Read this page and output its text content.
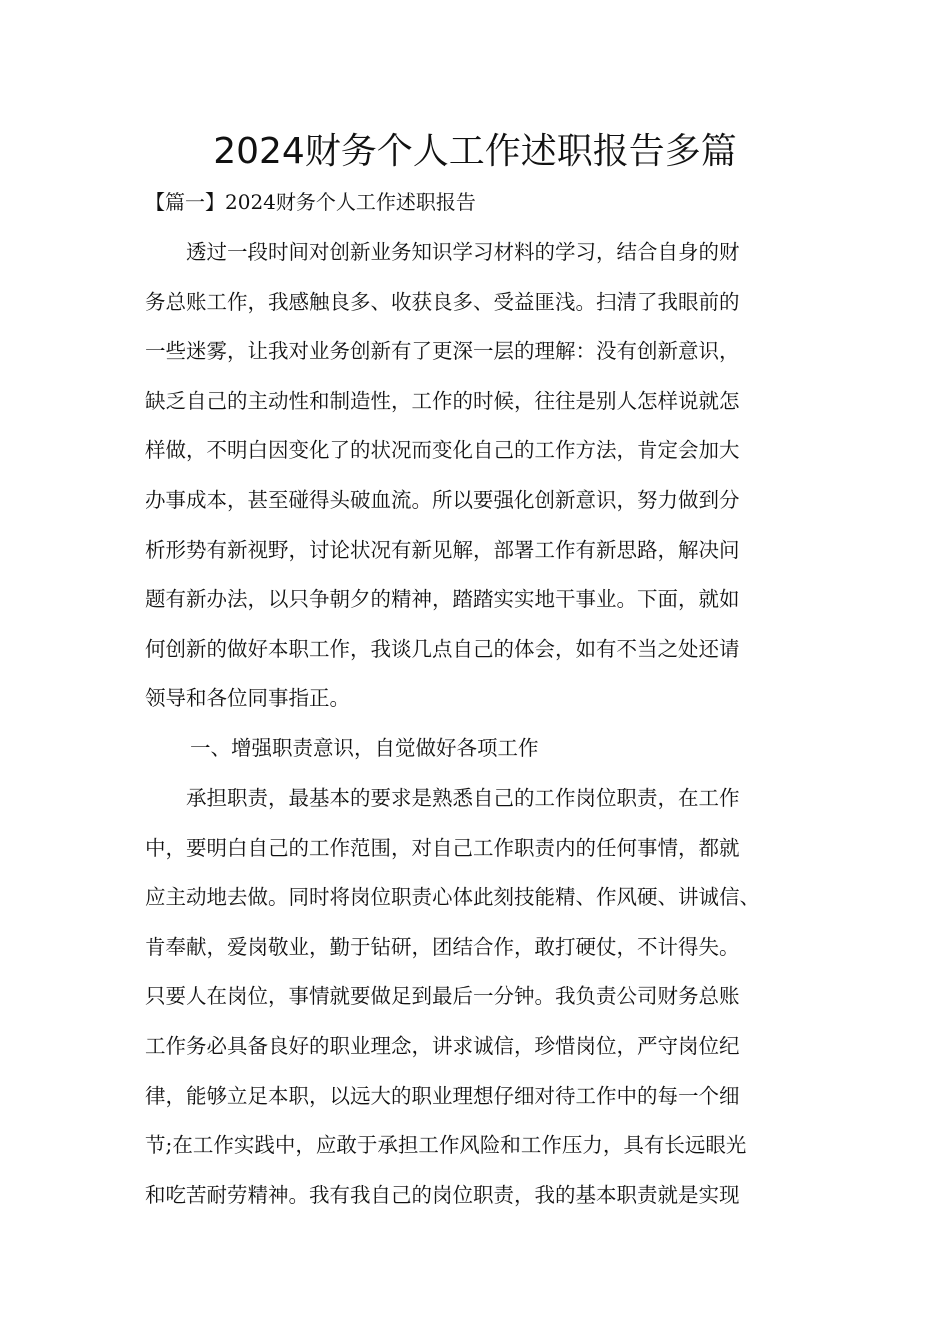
2024财务个人工作述职报告多篇
【篇一】2024财务个人工作述职报告
　　透过一段时间对创新业务知识学习材料的学习，结合自身的财
务总账工作，我感触良多、收获良多、受益匪浅。扫清了我眼前的
一些迷雾，让我对业务创新有了更深一层的理解：没有创新意识，
缺乏自己的主动性和制造性，工作的时候，往往是别人怎样说就怎
样做，不明白因变化了的状况而变化自己的工作方法，肯定会加大
办事成本，甚至碰得头破血流。所以要强化创新意识，努力做到分
析形势有新视野，讨论状况有新见解，部署工作有新思路，解决问
题有新办法，以只争朝夕的精神，踏踏实实地干事业。下面，就如
何创新的做好本职工作，我谈几点自己的体会，如有不当之处还请
领导和各位同事指正。
一、增强职责意识，自觉做好各项工作
　　承担职责，最基本的要求是熟悉自己的工作岗位职责，在工作
中，要明白自己的工作范围，对自己工作职责内的任何事情，都就
应主动地去做。同时将岗位职责心体此刻技能精、作风硬、讲诚信、
肯奉献，爱岗敬业，勤于钻研，团结合作，敢打硬仗，不计得失。
只要人在岗位，事情就要做足到最后一分钟。我负责公司财务总账
工作务必具备良好的职业理念，讲求诚信，珍惜岗位，严守岗位纪
律，能够立足本职，以远大的职业理想仔细对待工作中的每一个细
节;在工作实践中，应敢于承担工作风险和工作压力，具有长远眼光
和吃苦耐劳精神。我有我自己的岗位职责，我的基本职责就是实现
